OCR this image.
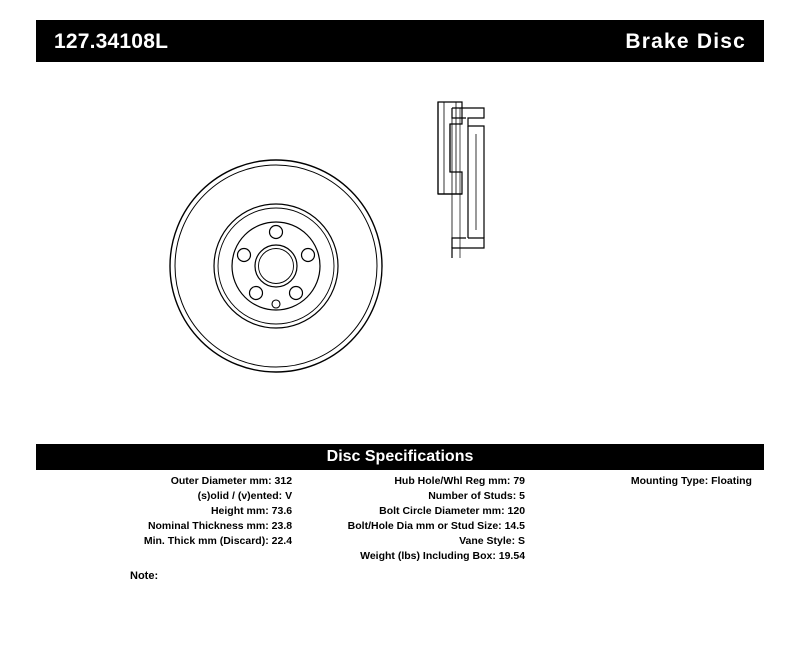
127.34108L	Brake Disc
Disc Specifications
Outer Diameter mm: 312
(s)olid / (v)ented: V
Height mm: 73.6
Nominal Thickness mm: 23.8
Min. Thick mm (Discard): 22.4
Hub Hole/Whl Reg mm: 79
Number of Studs: 5
Bolt Circle Diameter mm: 120
Bolt/Hole Dia mm or Stud Size: 14.5
Vane Style: S
Weight (lbs) Including Box: 19.54
Mounting Type: Floating
Note:
